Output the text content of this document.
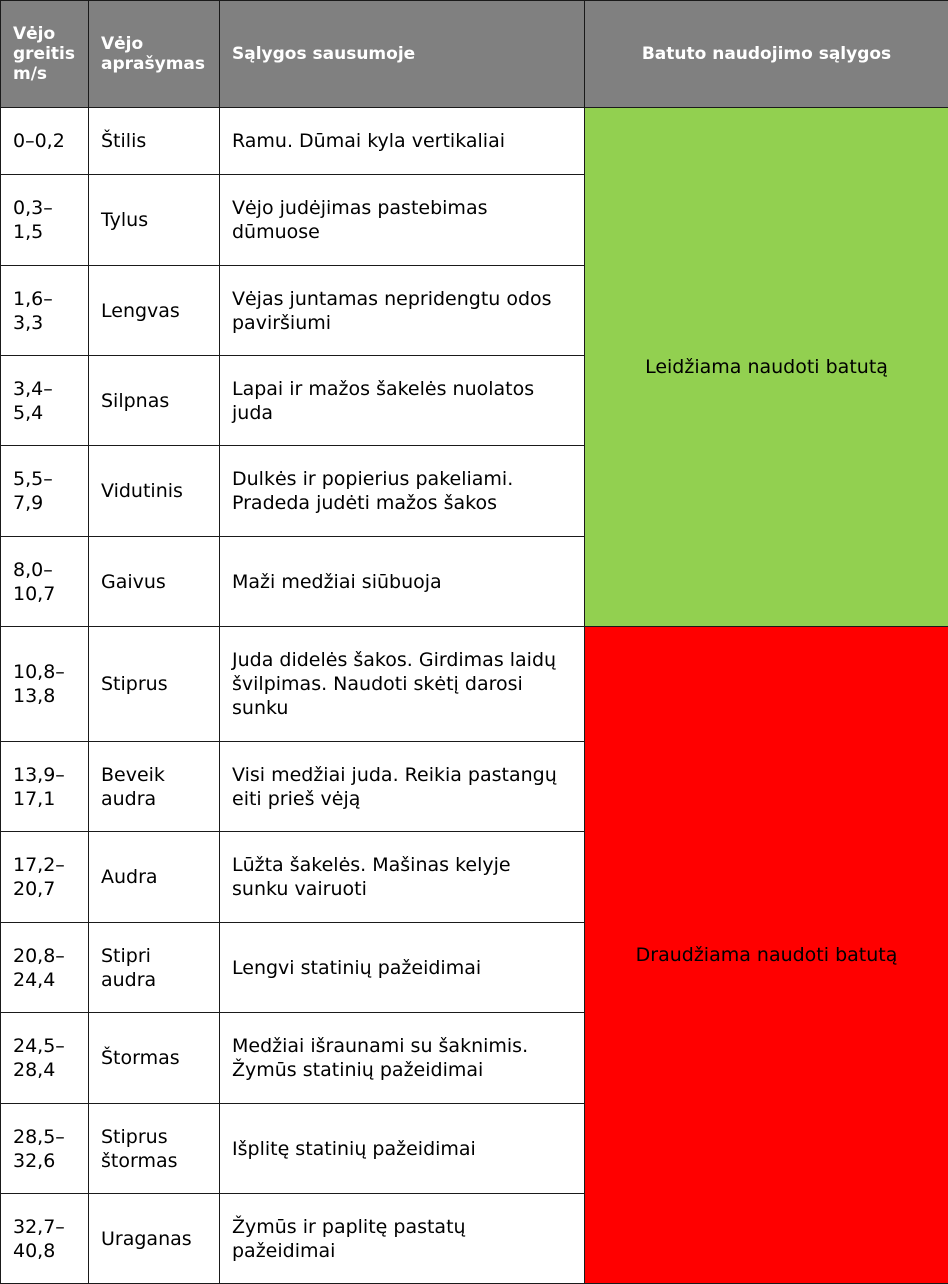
Vėjo greitis m/s	Vėjo aprašymas	Sąlygos sausumoje	Batuto naudojimo sąlygos
0–0,2	Štilis	Ramu. Dūmai kyla vertikaliai	Leidžiama naudoti batutą
0,3–1,5	Tylus	Vėjo judėjimas pastebimas dūmuose	
1,6–3,3	Lengvas	Vėjas juntamas nepridengtu odos paviršiumi	
3,4–5,4	Silpnas	Lapai ir mažos šakelės nuolatos juda	
5,5–7,9	Vidutinis	Dulkės ir popierius pakeliami. Pradeda judėti mažos šakos	
8,0–10,7	Gaivus	Maži medžiai siūbuoja	
10,8–13,8	Stiprus	Juda didelės šakos. Girdimas laidų švilpimas. Naudoti skėtį darosi sunku	Draudžiama naudoti batutą
13,9–17,1	Beveik audra	Visi medžiai juda. Reikia pastangų eiti prieš vėją	
17,2–20,7	Audra	Lūžta šakelės. Mašinas kelyje sunku vairuoti	
20,8–24,4	Stipri audra	Lengvi statinių pažeidimai	
24,5–28,4	Štormas	Medžiai išraunami su šaknimis. Žymūs statinių pažeidimai	
28,5–32,6	Stiprus štormas	Išplitę statinių pažeidimai	
32,7–40,8	Uraganas	Žymūs ir paplitę pastatų pažeidimai	
